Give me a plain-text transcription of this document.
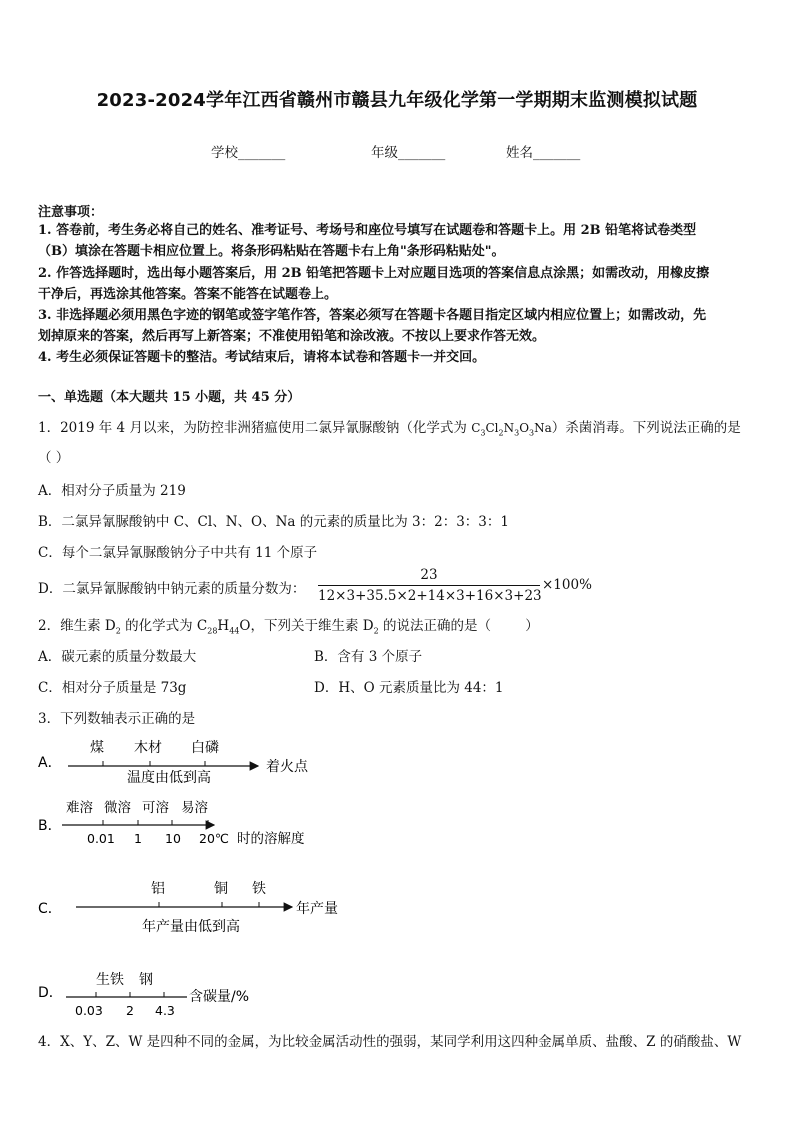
2023-2024学年江西省赣州市赣县九年级化学第一学期期末监测模拟试题
学校_______	年级_______	姓名_______
注意事项：
1. 答卷前，考生务必将自己的姓名、准考证号、考场号和座位号填写在试题卷和答题卡上。用 2B 铅笔将试卷类型
（B）填涂在答题卡相应位置上。将条形码粘贴在答题卡右上角"条形码粘贴处"。
2. 作答选择题时，选出每小题答案后，用 2B 铅笔把答题卡上对应题目选项的答案信息点涂黑；如需改动，用橡皮擦
干净后，再选涂其他答案。答案不能答在试题卷上。
3. 非选择题必须用黑色字迹的钢笔或签字笔作答，答案必须写在答题卡各题目指定区域内相应位置上；如需改动，先
划掉原来的答案，然后再写上新答案；不准使用铅笔和涂改液。不按以上要求作答无效。
4. 考生必须保证答题卡的整洁。考试结束后，请将本试卷和答题卡一并交回。
一、单选题（本大题共 15 小题，共 45 分）
1．2019 年 4 月以来，为防控非洲猪瘟使用二氯异氰脲酸钠（化学式为 $C_3Cl_2N_3O_3Na$）杀菌消毒。下列说法正确的是
（ ）
A．相对分子质量为 219
B．二氯异氰脲酸钠中 C、Cl、N、O、Na 的元素的质量比为 3：2：3：3：1
C．每个二氯异氰脲酸钠分子中共有 11 个原子
D．二氯异氰脲酸钠中钠元素的质量分数为：
23
12×3+35.5×2+14×3+16×3+23
×100%
2．维生素 $D_2$ 的化学式为 $C_{28}H_{44}O$，下列关于维生素 $D_2$ 的说法正确的是（        ）
A．碳元素的质量分数最大	B．含有 3 个原子
C．相对分子质量是 73g	D．H、O 元素质量比为 44：1
3．下列数轴表示正确的是
A．
煤 木材 白磷
温度由低到高
着火点
B．
难溶 微溶 可溶 易溶
0.01 1 10 20℃ 时的溶解度
C．
铝	铜 铁
年产量由低到高
年产量
D．
生铁 钢
0.03 2 4.3
含碳量/%
4．X、Y、Z、W 是四种不同的金属，为比较金属活动性的强弱，某同学利用这四种金属单质、盐酸、Z 的硝酸盐、W
